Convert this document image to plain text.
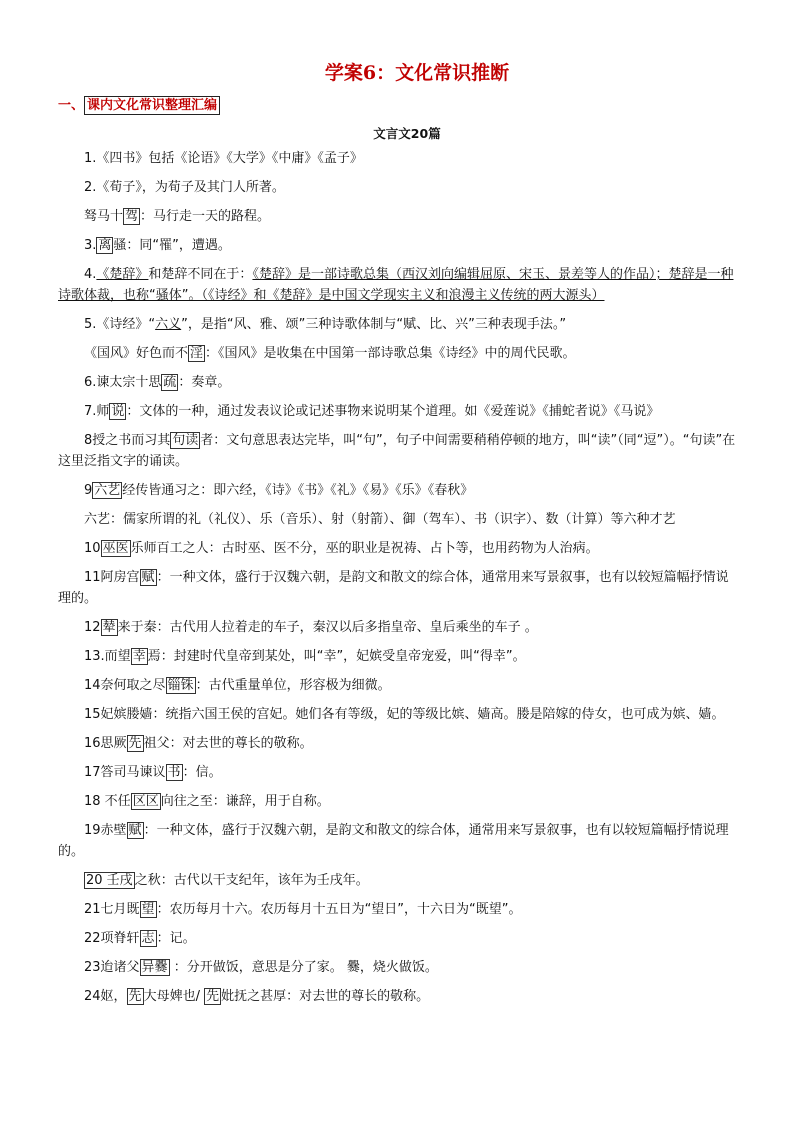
学案6：文化常识推断
一、 课内文化常识整理汇编
文言文20篇

1.《四书》包括《论语》《大学》《中庸》《孟子》

2.《荀子》，为荀子及其门人所著。

驽马十 驾 ：马行走一天的路程。

3. 离 骚：同“罹”，遭遇。

4.《楚辞》和楚辞不同在于：《楚辞》是一部诗歌总集（西汉刘向编辑屈原、宋玉、景差等人的作品）；楚辞是一种诗歌体裁，也称“骚体”。（《诗经》和《楚辞》是中国文学现实主义和浪漫主义传统的两大源头）

5.《诗经》“六义”，是指“风、雅、颂”三种诗歌体制与“赋、比、兴”三种表现手法。”

《国风》好色而不 淫 ：《国风》是收集在中国第一部诗歌总集《诗经》中的周代民歌。

6.谏太宗十思 疏 ：奏章。

7.师 说 ：文体的一种，通过发表议论或记述事物来说明某个道理。如《爱莲说》《捕蛇者说》《马说》

8授之书而习其 句读 者：文句意思表达完毕，叫“句”，句子中间需要稍稍停顿的地方，叫“读”（同“逗”）。“句读”在这里泛指文字的诵读。

9 六艺 经传皆通习之：即六经，《诗》《书》《礼》《易》《乐》《春秋》

六艺：儒家所谓的礼（礼仪）、乐（音乐）、射（射箭）、御（驾车）、书（识字）、数（计算）等六种才艺

10 巫医 乐师百工之人：古时巫、医不分，巫的职业是祝祷、占卜等，也用药物为人治病。

11阿房宫 赋 ：一种文体，盛行于汉魏六朝，是韵文和散文的综合体，通常用来写景叙事，也有以较短篇幅抒情说理的。

12 辇 来于秦：古代用人拉着走的车子，秦汉以后多指皇帝、皇后乘坐的车子 。

13.而望 幸 焉：封建时代皇帝到某处，叫“幸”，妃嫔受皇帝宠爱，叫“得幸”。

14奈何取之尽 锱铢 ：古代重量单位，形容极为细微。

15妃嫔媵嫱：统指六国王侯的宫妃。她们各有等级，妃的等级比嫔、嫱高。媵是陪嫁的侍女，也可成为嫔、嫱。

16思厥 先 祖父：对去世的尊长的敬称。

17答司马谏议 书 ：信。

18 不任 区区 向往之至：谦辞，用于自称。

19赤壁 赋 ：一种文体，盛行于汉魏六朝，是韵文和散文的综合体，通常用来写景叙事，也有以较短篇幅抒情说理的。

20 壬戌 之秋：古代以干支纪年，该年为壬戌年。

21七月既 望 ：农历每月十六。农历每月十五日为“望日”，十六日为“既望”。

22项脊轩 志 ：记。

23迨诸父 异爨 ：分开做饭，意思是分了家。 爨，烧火做饭。

24妪， 先 大母婢也/ 先 妣抚之甚厚：对去世的尊长的敬称。
